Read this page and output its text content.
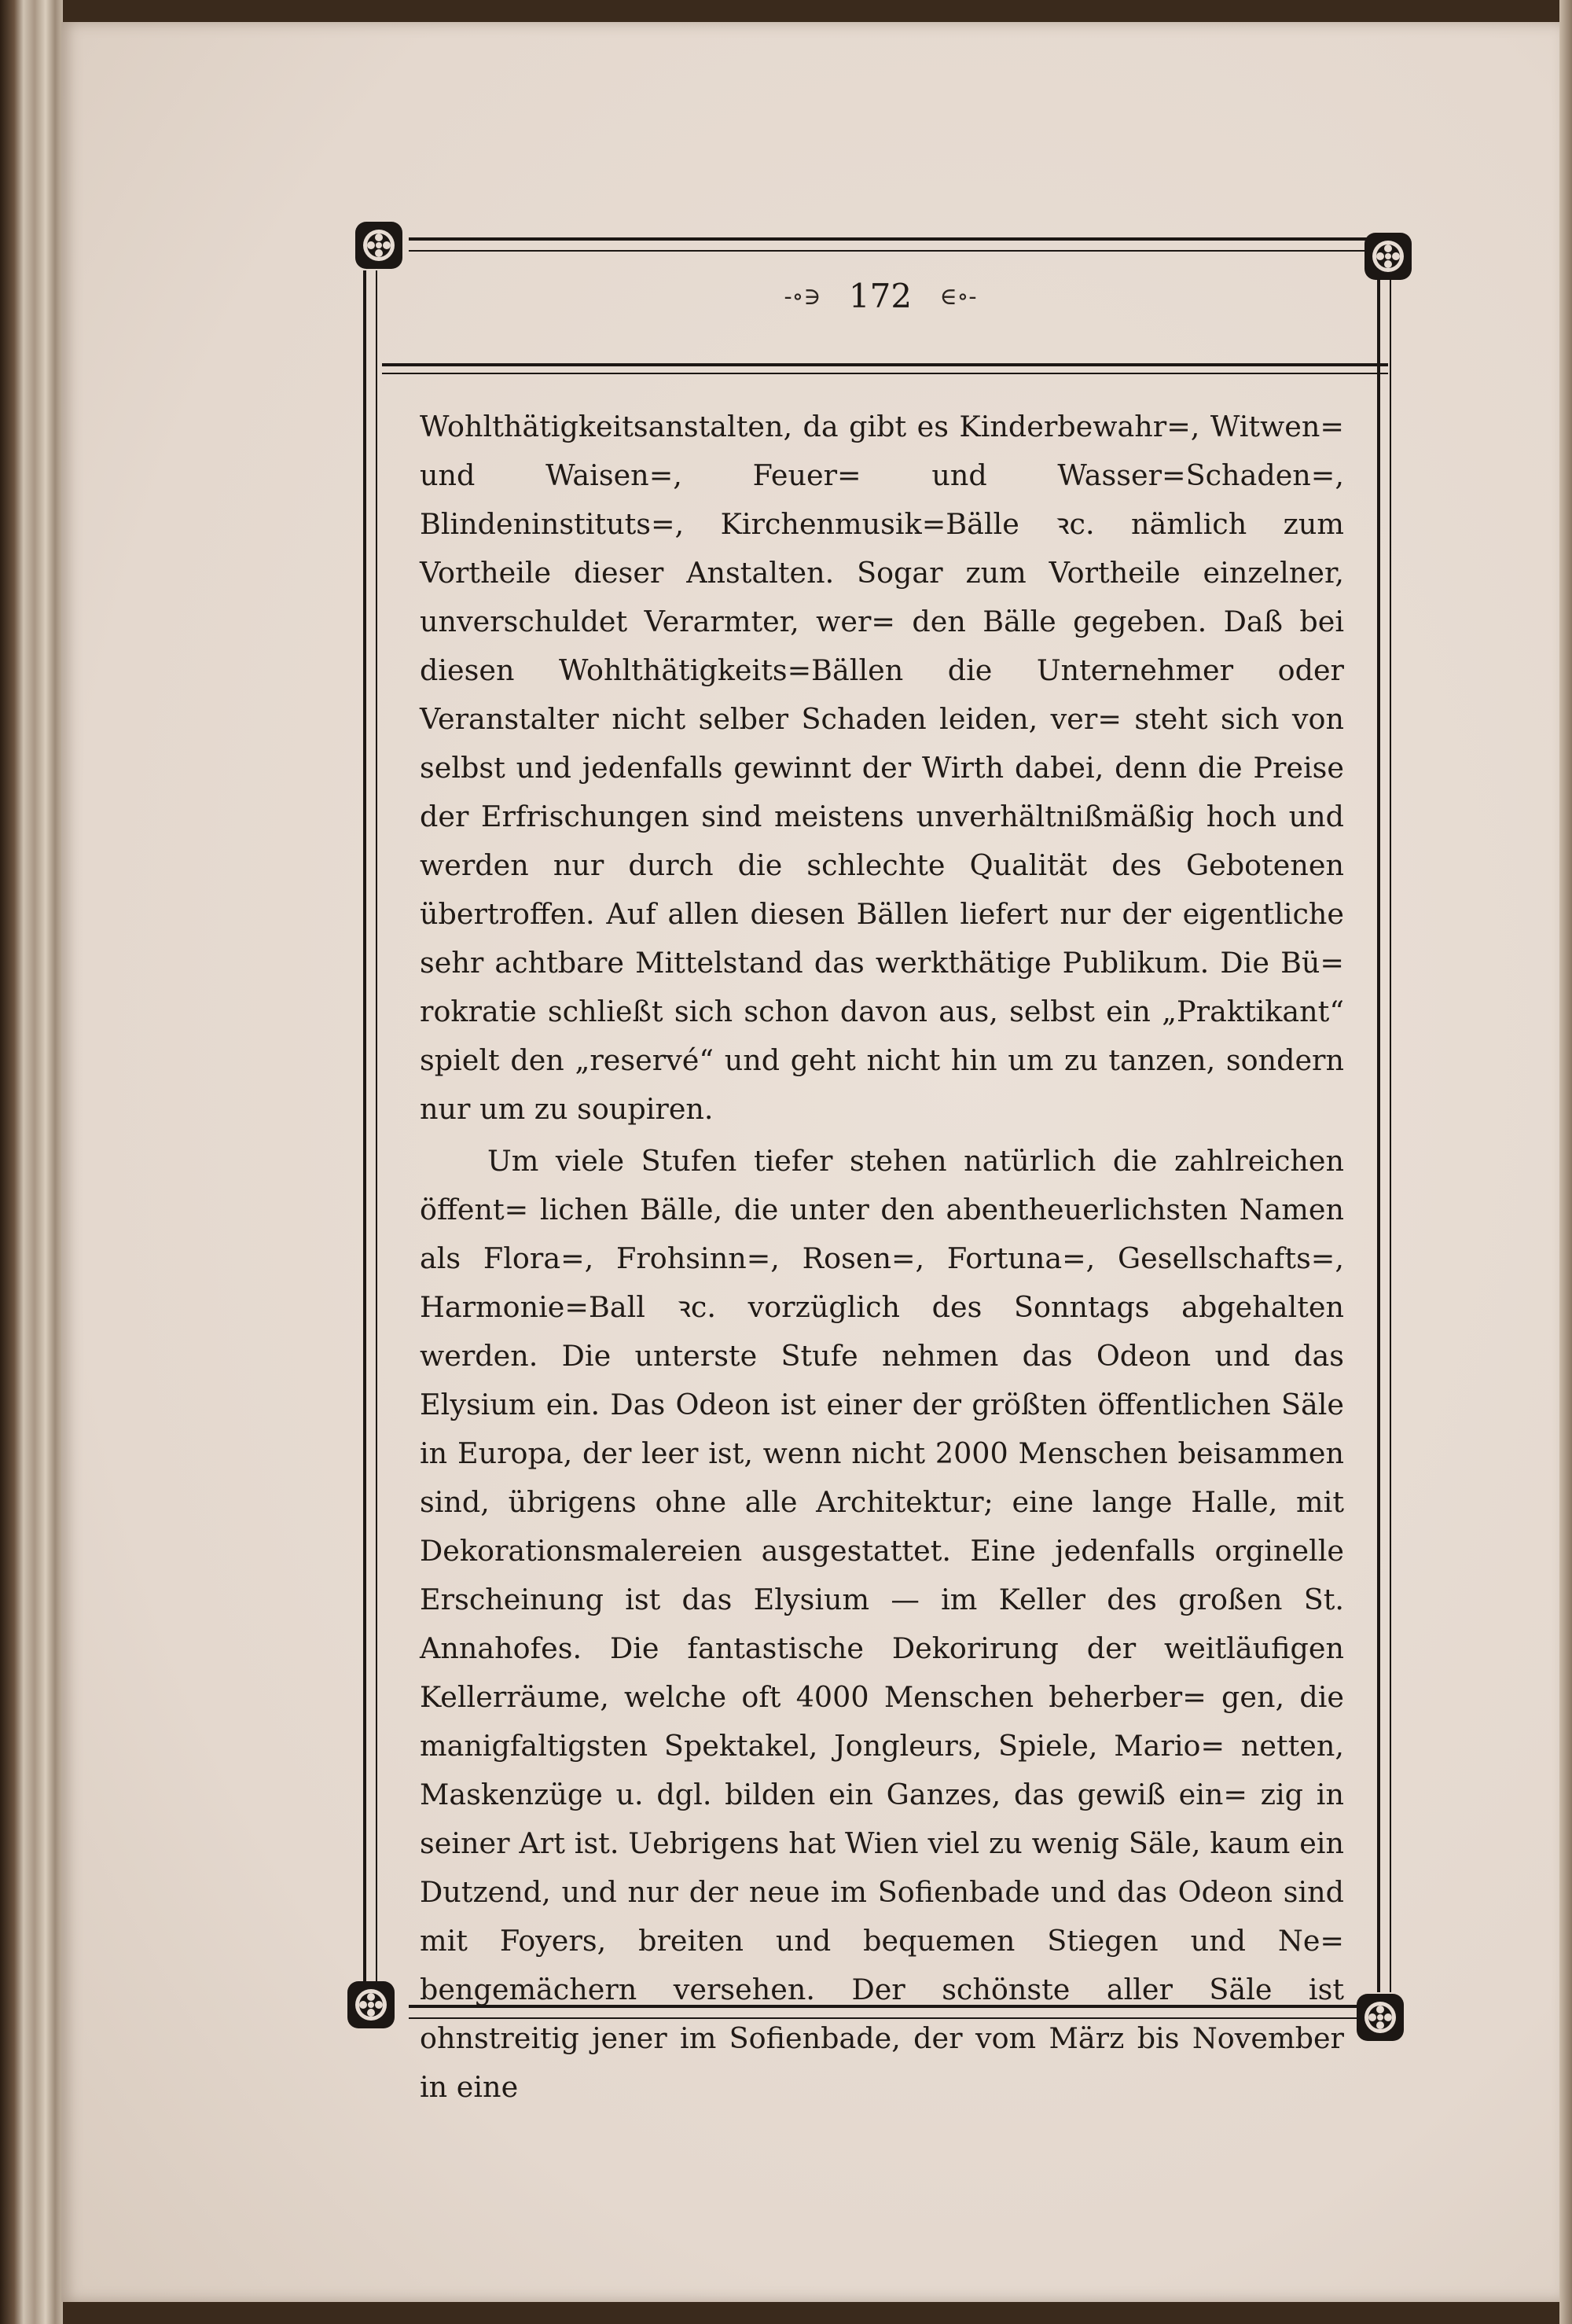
-∘∋ 172 ∈∘-

Wohlthätigkeitsanstalten, da gibt es Kinderbewahr=, Witwen= und Waisen=, Feuer= und Wasser=Schaden=, Blindeninstituts=, Kirchenmusik=Bälle ꝛc. nämlich zum Vortheile dieser Anstalten. Sogar zum Vortheile einzelner, unverschuldet Verarmter, wer= den Bälle gegeben. Daß bei diesen Wohlthätigkeits=Bällen die Unternehmer oder Veranstalter nicht selber Schaden leiden, ver= steht sich von selbst und jedenfalls gewinnt der Wirth dabei, denn die Preise der Erfrischungen sind meistens unverhältnißmäßig hoch und werden nur durch die schlechte Qualität des Gebotenen übertroffen. Auf allen diesen Bällen liefert nur der eigentliche sehr achtbare Mittelstand das werkthätige Publikum. Die Bü= rokratie schließt sich schon davon aus, selbst ein „Praktikant“ spielt den „reservé“ und geht nicht hin um zu tanzen, sondern nur um zu soupiren.

Um viele Stufen tiefer stehen natürlich die zahlreichen öffent= lichen Bälle, die unter den abentheuerlichsten Namen als Flora=, Frohsinn=, Rosen=, Fortuna=, Gesellschafts=, Harmonie=Ball ꝛc. vorzüglich des Sonntags abgehalten werden. Die unterste Stufe nehmen das Odeon und das Elysium ein. Das Odeon ist einer der größten öffentlichen Säle in Europa, der leer ist, wenn nicht 2000 Menschen beisammen sind, übrigens ohne alle Architektur; eine lange Halle, mit Dekorationsmalereien ausgestattet. Eine jedenfalls orginelle Erscheinung ist das Elysium — im Keller des großen St. Annahofes. Die fantastische Dekorirung der weitläufigen Kellerräume, welche oft 4000 Menschen beherber= gen, die manigfaltigsten Spektakel, Jongleurs, Spiele, Mario= netten, Maskenzüge u. dgl. bilden ein Ganzes, das gewiß ein= zig in seiner Art ist. Uebrigens hat Wien viel zu wenig Säle, kaum ein Dutzend, und nur der neue im Sofienbade und das Odeon sind mit Foyers, breiten und bequemen Stiegen und Ne= bengemächern versehen. Der schönste aller Säle ist ohnstreitig jener im Sofienbade, der vom März bis November in eine
